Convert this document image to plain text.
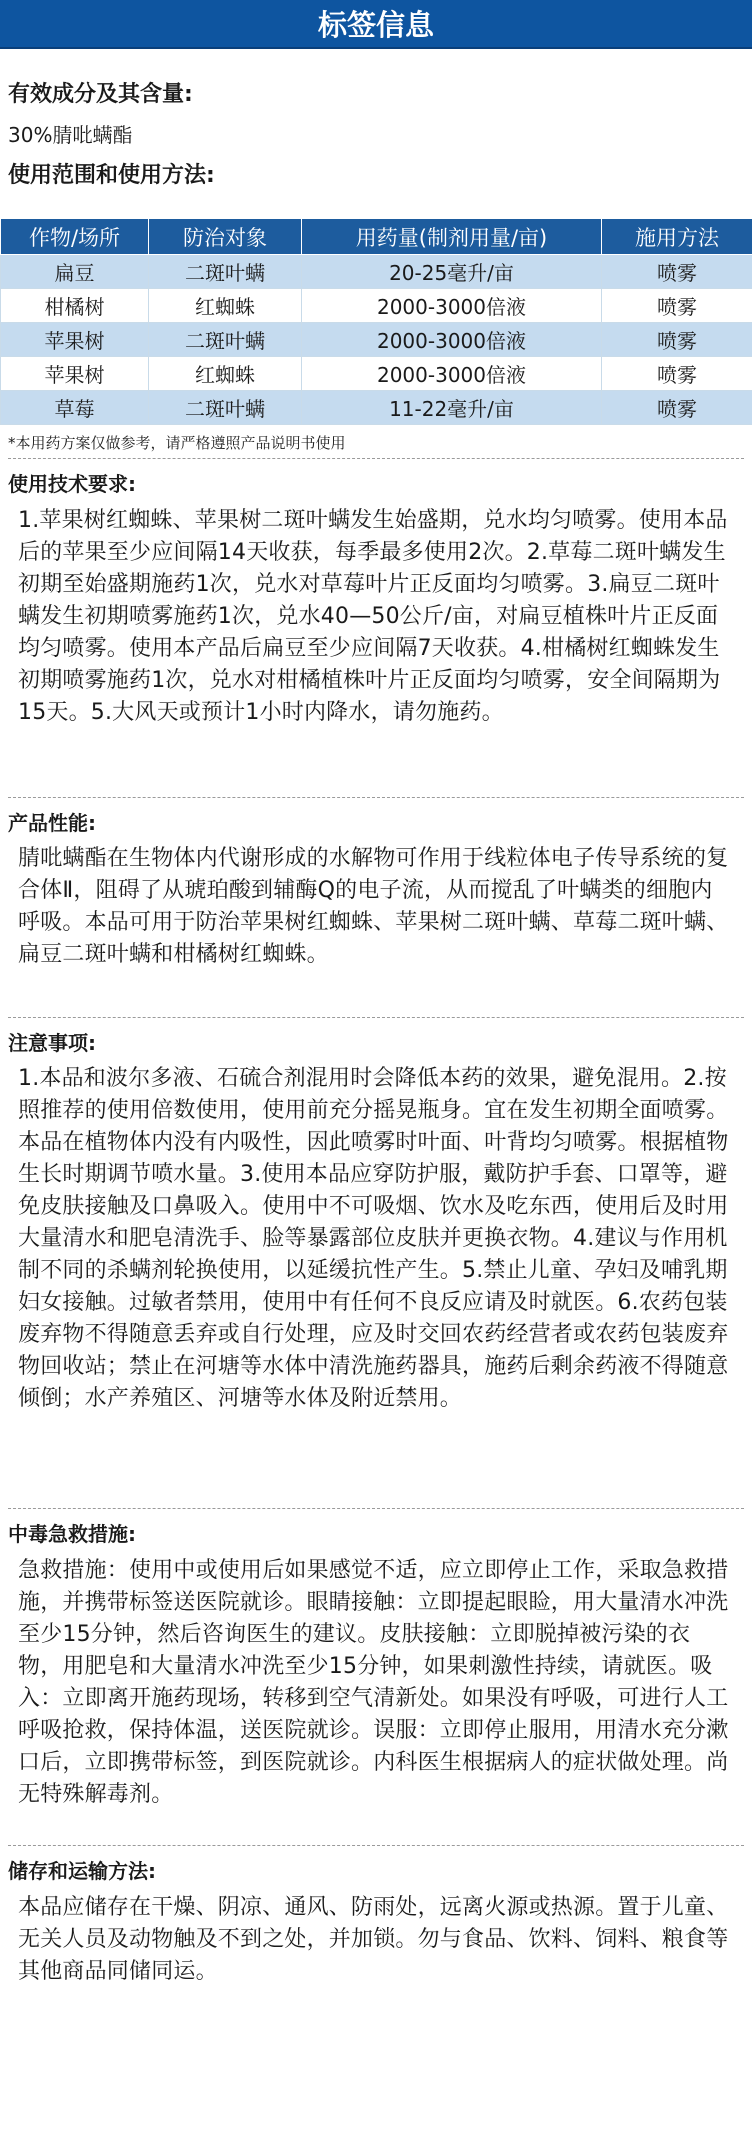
标签信息
有效成分及其含量:
30%腈吡螨酯
使用范围和使用方法:
作物/场所	防治对象	用药量(制剂用量/亩)	施用方法
扁豆	二斑叶螨	20-25毫升/亩	喷雾
柑橘树	红蜘蛛	2000-3000倍液	喷雾
苹果树	二斑叶螨	2000-3000倍液	喷雾
苹果树	红蜘蛛	2000-3000倍液	喷雾
草莓	二斑叶螨	11-22毫升/亩	喷雾
*本用药方案仅做参考，请严格遵照产品说明书使用
使用技术要求:
1.苹果树红蜘蛛、苹果树二斑叶螨发生始盛期，兑水均匀喷雾。使用本品后的苹果至少应间隔14天收获，每季最多使用2次。2.草莓二斑叶螨发生初期至始盛期施药1次，兑水对草莓叶片正反面均匀喷雾。3.扁豆二斑叶螨发生初期喷雾施药1次，兑水40—50公斤/亩，对扁豆植株叶片正反面均匀喷雾。使用本产品后扁豆至少应间隔7天收获。4.柑橘树红蜘蛛发生初期喷雾施药1次，兑水对柑橘植株叶片正反面均匀喷雾，安全间隔期为15天。5.大风天或预计1小时内降水，请勿施药。
产品性能:
腈吡螨酯在生物体内代谢形成的水解物可作用于线粒体电子传导系统的复合体Ⅱ，阻碍了从琥珀酸到辅酶Q的电子流，从而搅乱了叶螨类的细胞内呼吸。本品可用于防治苹果树红蜘蛛、苹果树二斑叶螨、草莓二斑叶螨、扁豆二斑叶螨和柑橘树红蜘蛛。
注意事项:
1.本品和波尔多液、石硫合剂混用时会降低本药的效果，避免混用。2.按照推荐的使用倍数使用，使用前充分摇晃瓶身。宜在发生初期全面喷雾。本品在植物体内没有内吸性，因此喷雾时叶面、叶背均匀喷雾。根据植物生长时期调节喷水量。3.使用本品应穿防护服，戴防护手套、口罩等，避免皮肤接触及口鼻吸入。使用中不可吸烟、饮水及吃东西，使用后及时用大量清水和肥皂清洗手、脸等暴露部位皮肤并更换衣物。4.建议与作用机制不同的杀螨剂轮换使用，以延缓抗性产生。5.禁止儿童、孕妇及哺乳期妇女接触。过敏者禁用，使用中有任何不良反应请及时就医。6.农药包装废弃物不得随意丢弃或自行处理，应及时交回农药经营者或农药包装废弃物回收站；禁止在河塘等水体中清洗施药器具，施药后剩余药液不得随意倾倒；水产养殖区、河塘等水体及附近禁用。
中毒急救措施:
急救措施：使用中或使用后如果感觉不适，应立即停止工作，采取急救措施，并携带标签送医院就诊。眼睛接触：立即提起眼睑，用大量清水冲洗至少15分钟，然后咨询医生的建议。皮肤接触：立即脱掉被污染的衣物，用肥皂和大量清水冲洗至少15分钟，如果刺激性持续，请就医。吸入：立即离开施药现场，转移到空气清新处。如果没有呼吸，可进行人工呼吸抢救，保持体温，送医院就诊。误服：立即停止服用，用清水充分漱口后，立即携带标签，到医院就诊。内科医生根据病人的症状做处理。尚无特殊解毒剂。
储存和运输方法:
本品应储存在干燥、阴凉、通风、防雨处，远离火源或热源。置于儿童、无关人员及动物触及不到之处，并加锁。勿与食品、饮料、饲料、粮食等其他商品同储同运。
